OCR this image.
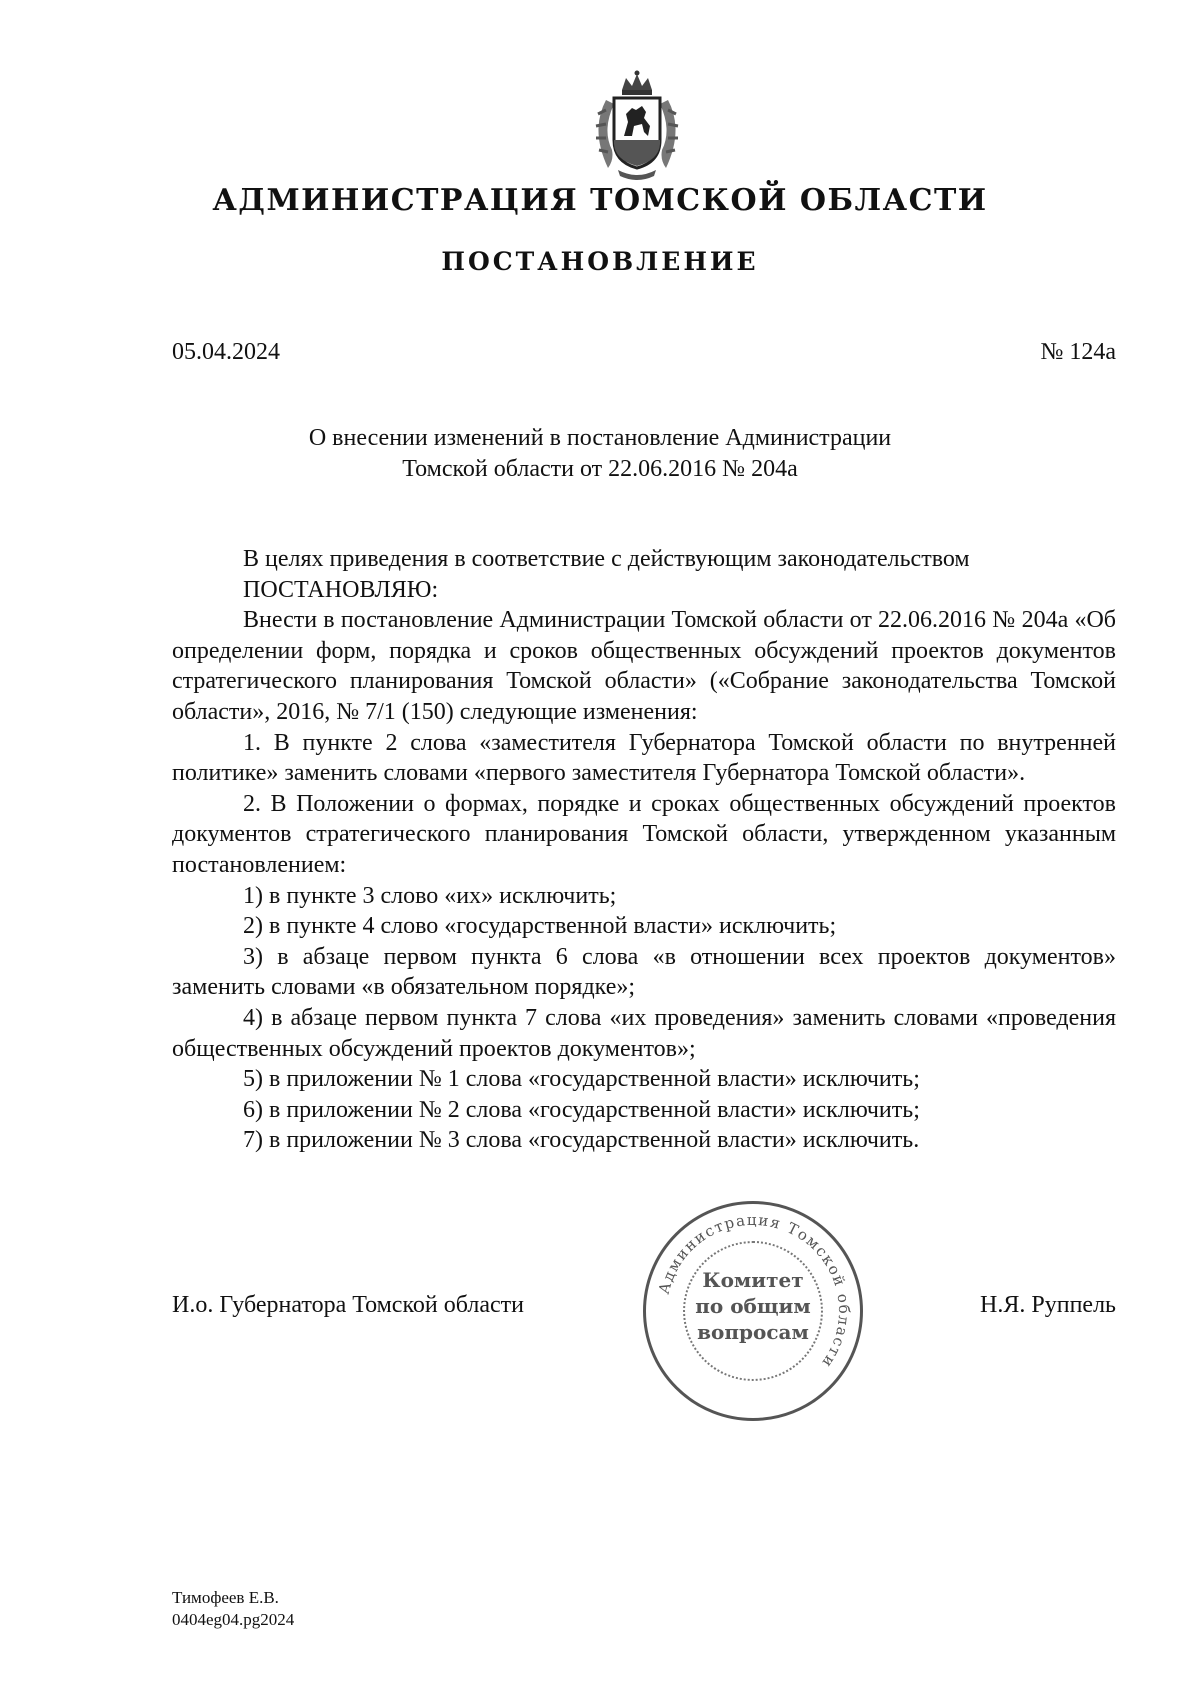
АДМИНИСТРАЦИЯ ТОМСКОЙ ОБЛАСТИ
ПОСТАНОВЛЕНИЕ
05.04.2024	№ 124а
О внесении изменений в постановление Администрации
Томской области от 22.06.2016 № 204а

В целях приведения в соответствие с действующим законодательством

ПОСТАНОВЛЯЮ:

Внести в постановление Администрации Томской области от 22.06.2016 № 204а «Об определении форм, порядка и сроков общественных обсуждений проектов документов стратегического планирования Томской области» («Собрание законодательства Томской области», 2016, № 7/1 (150) следующие изменения:

1. В пункте 2 слова «заместителя Губернатора Томской области по внутренней политике» заменить словами «первого заместителя Губернатора Томской области».

2. В Положении о формах, порядке и сроках общественных обсуждений проектов документов стратегического планирования Томской области, утвержденном указанным постановлением:

1) в пункте 3 слово «их» исключить;

2) в пункте 4 слово «государственной власти» исключить;

3) в абзаце первом пункта 6 слова «в отношении всех проектов документов» заменить словами «в обязательном порядке»;

4) в абзаце первом пункта 7 слова «их проведения» заменить словами «проведения общественных обсуждений проектов документов»;

5) в приложении № 1 слова «государственной власти» исключить;

6) в приложении № 2 слова «государственной власти» исключить;

7) в приложении № 3 слова «государственной власти» исключить.

И.о. Губернатора Томской области	Н.Я. Руппель
Администрация Томской области
Комитет
по общим
вопросам
Тимофеев Е.В.
0404eg04.pg2024
